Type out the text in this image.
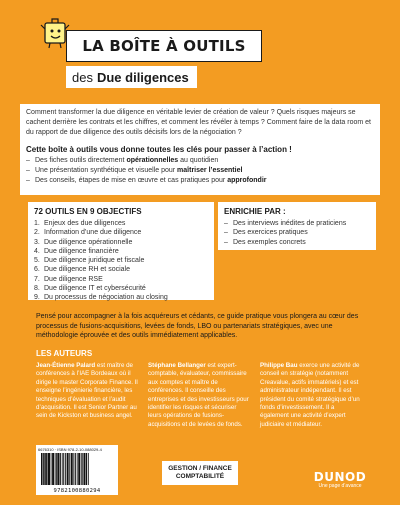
LA BOÎTE À OUTILS
des Due diligences
Comment transformer la due diligence en véritable levier de création de valeur ? Quels risques majeurs se cachent derrière les contrats et les chiffres, et comment les révéler à temps ? Comment faire de la data room et du rapport de due diligence des outils décisifs lors de la négociation ?
Cette boîte à outils vous donne toutes les clés pour passer à l’action !
– Des fiches outils directement opérationnelles au quotidien
– Une présentation synthétique et visuelle pour maîtriser l’essentiel
– Des conseils, étapes de mise en œuvre et cas pratiques pour approfondir
72 OUTILS EN 9 OBJECTIFS
1. Enjeux des due diligences
2. Information d’une due diligence
3. Due diligence opérationnelle
4. Due diligence financière
5. Due diligence juridique et fiscale
6. Due diligence RH et sociale
7. Due diligence RSE
8. Due diligence IT et cybersécurité
9. Du processus de négociation au closing
ENRICHIE PAR :
– Des interviews inédites de praticiens
– Des exercices pratiques
– Des exemples concrets
Pensé pour accompagner à la fois acquéreurs et cédants, ce guide pratique vous plongera au cœur des processus de fusions-acquisitions, levées de fonds, LBO ou partenariats stratégiques, avec une méthodologie éprouvée et des outils immédiatement applicables.
LES AUTEURS
Jean-Étienne Palard est maître de conférences à l’IAE Bordeaux où il dirige le master Corporate Finance. Il enseigne l’ingénierie financière, les techniques d’évaluation et l’audit d’acquisition. Il est Senior Partner au sein de Kickston et business angel.
Stéphane Bellanger est expert-comptable, évaluateur, commissaire aux comptes et maître de conférences. Il conseille des entreprises et des investisseurs pour identifier les risques et sécuriser leurs opérations de fusions-acquisitions et de levées de fonds.
Philippe Bau exerce une activité de conseil en stratégie (notamment Creavalue, actifs immatériels) et est administrateur indépendant. Il est président du comité stratégique d’un fonds d’investissement. Il a également une activité d’expert judiciaire et médiateur.
6676310 · ISBN 978-2-10-088029-4
9782100880294
GESTION / FINANCE
COMPTABILITÉ	DUNOD
Une page d’avance
